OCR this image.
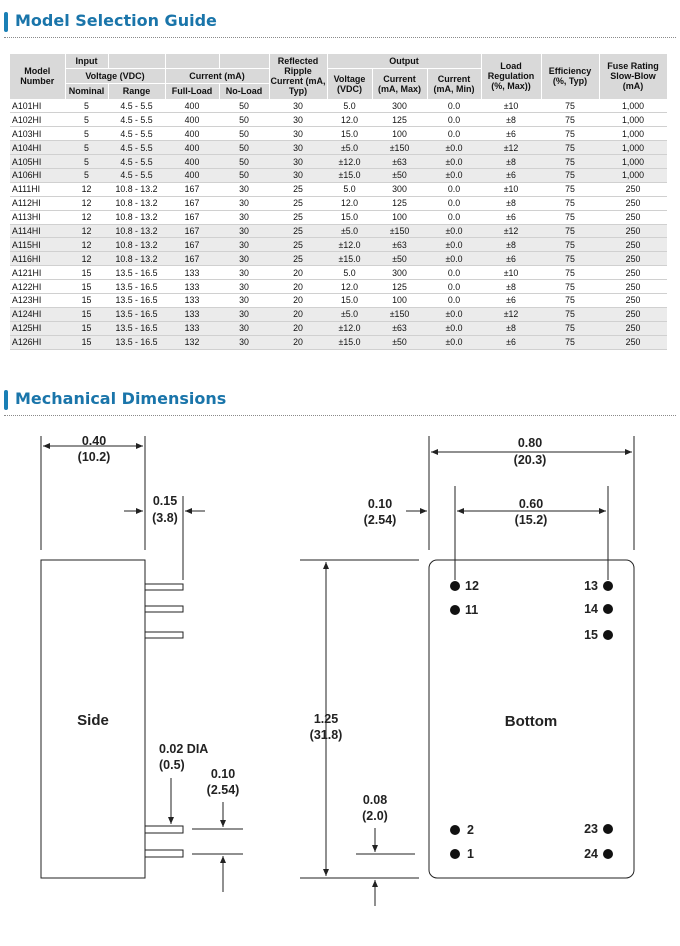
Model Selection Guide
Model Number	Input				Reflected Ripple Current (mA, Typ)	Output			Load Regulation (%, Max))	Efficiency (%, Typ)	Fuse Rating Slow-Blow (mA)
	Voltage (VDC)		Current (mA)			Voltage (VDC)	Current (mA, Max)	Current (mA, Min)			
	Nominal	Range	Full-Load	No-Load							
A101HI	5	4.5 - 5.5	400	50	30	5.0	300	0.0	±10	75	1,000
A102HI	5	4.5 - 5.5	400	50	30	12.0	125	0.0	±8	75	1,000
A103HI	5	4.5 - 5.5	400	50	30	15.0	100	0.0	±6	75	1,000
A104HI	5	4.5 - 5.5	400	50	30	±5.0	±150	±0.0	±12	75	1,000
A105HI	5	4.5 - 5.5	400	50	30	±12.0	±63	±0.0	±8	75	1,000
A106HI	5	4.5 - 5.5	400	50	30	±15.0	±50	±0.0	±6	75	1,000
A111HI	12	10.8 - 13.2	167	30	25	5.0	300	0.0	±10	75	250
A112HI	12	10.8 - 13.2	167	30	25	12.0	125	0.0	±8	75	250
A113HI	12	10.8 - 13.2	167	30	25	15.0	100	0.0	±6	75	250
A114HI	12	10.8 - 13.2	167	30	25	±5.0	±150	±0.0	±12	75	250
A115HI	12	10.8 - 13.2	167	30	25	±12.0	±63	±0.0	±8	75	250
A116HI	12	10.8 - 13.2	167	30	25	±15.0	±50	±0.0	±6	75	250
A121HI	15	13.5 - 16.5	133	30	20	5.0	300	0.0	±10	75	250
A122HI	15	13.5 - 16.5	133	30	20	12.0	125	0.0	±8	75	250
A123HI	15	13.5 - 16.5	133	30	20	15.0	100	0.0	±6	75	250
A124HI	15	13.5 - 16.5	133	30	20	±5.0	±150	±0.0	±12	75	250
A125HI	15	13.5 - 16.5	133	30	20	±12.0	±63	±0.0	±8	75	250
A126HI	15	13.5 - 16.5	132	30	20	±15.0	±50	±0.0	±6	75	250
Mechanical Dimensions
0.40
(10.2)
0.15
(3.8)
Side
0.02 DIA
(0.5)
0.10
(2.54)
0.80
(20.3)
0.10
(2.54)
0.60
(15.2)
1.25
(31.8)
0.08
(2.0)
Bottom
12
11
13
14
15
2
1
23
24
